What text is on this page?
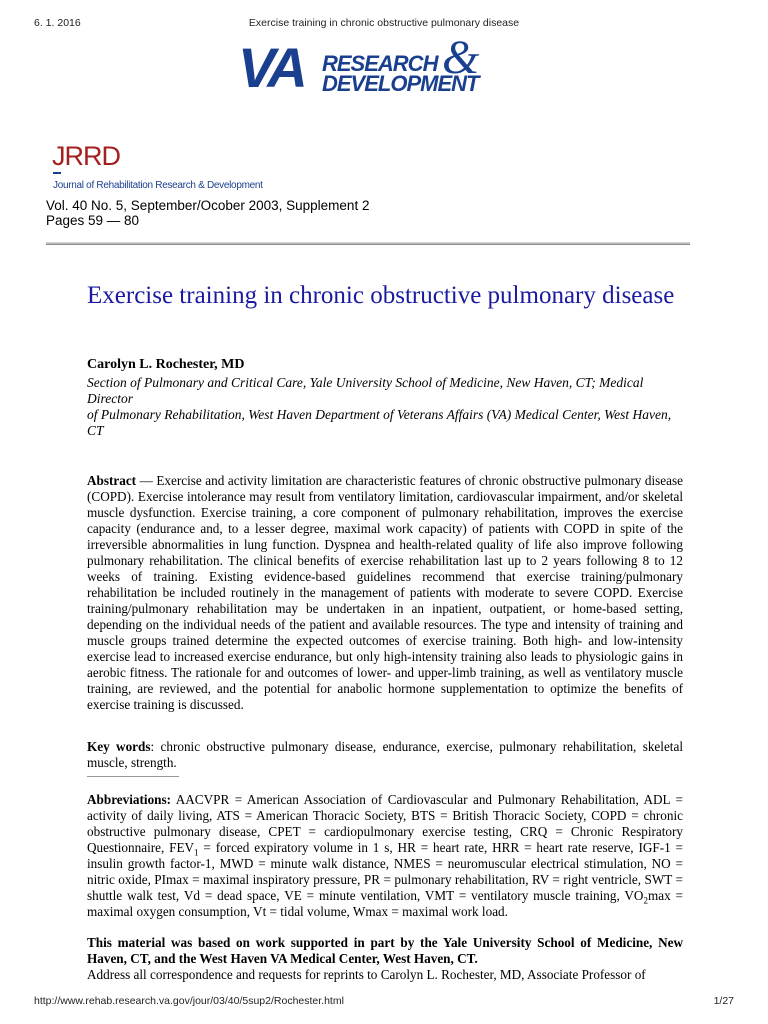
6. 1. 2016	Exercise training in chronic obstructive pulmonary disease
VA RESEARCH &
DEVELOPMENT
JRRD
Journal of Rehabilitation Research & Development
Vol. 40 No. 5, September/Ocober 2003, Supplement 2
Pages 59 — 80
Exercise training in chronic obstructive pulmonary disease
Carolyn L. Rochester, MD
Section of Pulmonary and Critical Care, Yale University School of Medicine, New Haven, CT; Medical Director
of Pulmonary Rehabilitation, West Haven Department of Veterans Affairs (VA) Medical Center, West Haven, CT
Abstract — Exercise and activity limitation are characteristic features of chronic obstructive pulmonary disease (COPD). Exercise intolerance may result from ventilatory limitation, cardiovascular impairment, and/or skeletal muscle dysfunction. Exercise training, a core component of pulmonary rehabilitation, improves the exercise capacity (endurance and, to a lesser degree, maximal work capacity) of patients with COPD in spite of the irreversible abnormalities in lung function. Dyspnea and health-related quality of life also improve following pulmonary rehabilitation. The clinical benefits of exercise rehabilitation last up to 2 years following 8 to 12 weeks of training. Existing evidence-based guidelines recommend that exercise training/pulmonary rehabilitation be included routinely in the management of patients with moderate to severe COPD. Exercise training/pulmonary rehabilitation may be undertaken in an inpatient, outpatient, or home-based setting, depending on the individual needs of the patient and available resources. The type and intensity of training and muscle groups trained determine the expected outcomes of exercise training. Both high- and low-intensity exercise lead to increased exercise endurance, but only high-intensity training also leads to physiologic gains in aerobic fitness. The rationale for and outcomes of lower- and upper-limb training, as well as ventilatory muscle training, are reviewed, and the potential for anabolic hormone supplementation to optimize the benefits of exercise training is discussed.
Key words: chronic obstructive pulmonary disease, endurance, exercise, pulmonary rehabilitation, skeletal muscle, strength.
Abbreviations: AACVPR = American Association of Cardiovascular and Pulmonary Rehabilitation, ADL = activity of daily living, ATS = American Thoracic Society, BTS = British Thoracic Society, COPD = chronic obstructive pulmonary disease, CPET = cardiopulmonary exercise testing, CRQ = Chronic Respiratory Questionnaire, $FEV_1$ = forced expiratory volume in 1 s, HR = heart rate, HRR = heart rate reserve, IGF-1 = insulin growth factor-1, MWD = minute walk distance, NMES = neuromuscular electrical stimulation, NO = nitric oxide, PImax = maximal inspiratory pressure, PR = pulmonary rehabilitation, RV = right ventricle, SWT = shuttle walk test, Vd = dead space, VE = minute ventilation, VMT = ventilatory muscle training, $VO_2\max$ = maximal oxygen consumption, Vt = tidal volume, Wmax = maximal work load.
This material was based on work supported in part by the Yale University School of Medicine, New Haven, CT, and the West Haven VA Medical Center, West Haven, CT.
Address all correspondence and requests for reprints to Carolyn L. Rochester, MD, Associate Professor of
http://www.rehab.research.va.gov/jour/03/40/5sup2/Rochester.html	1/27
